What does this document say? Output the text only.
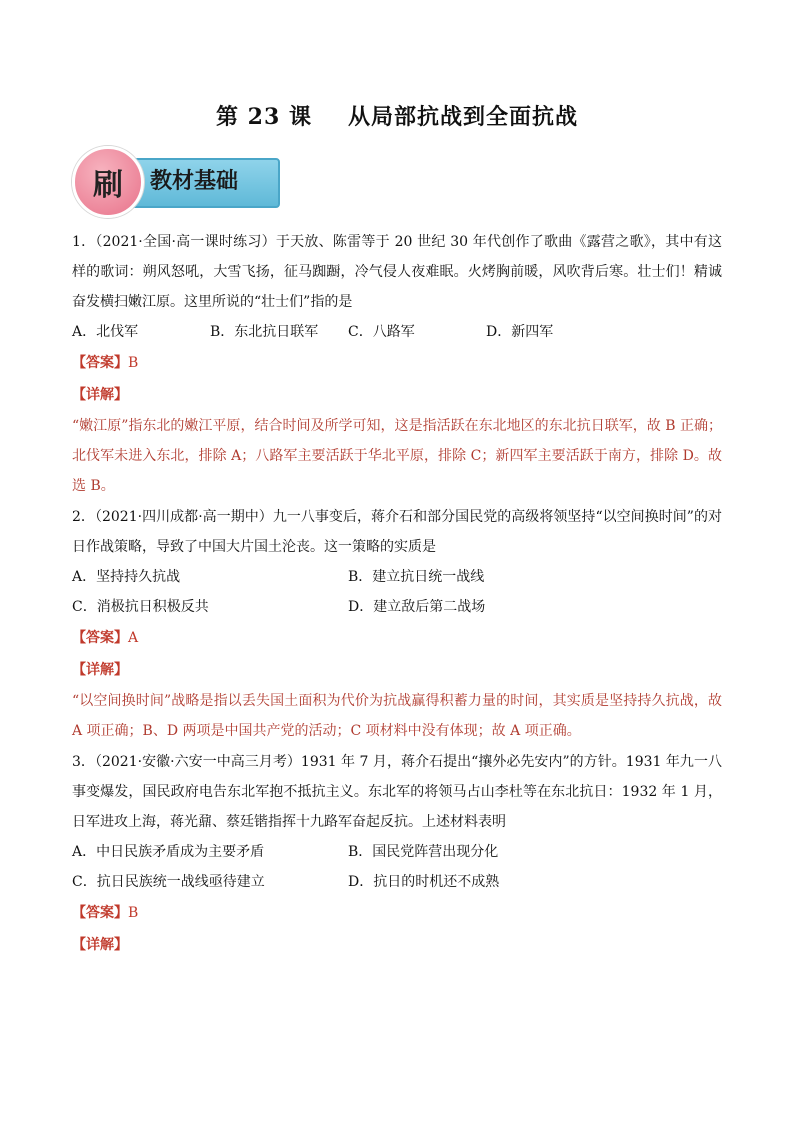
第 23 课 从局部抗战到全面抗战
刷	教材基础

1．（2021·全国·高一课时练习）于天放、陈雷等于 20 世纪 30 年代创作了歌曲《露营之歌》，其中有这样的歌词：朔风怒吼，大雪飞扬，征马踟蹰，冷气侵人夜难眠。火烤胸前暖，风吹背后寒。壮士们！精诚奋发横扫嫩江原。这里所说的“壮士们”指的是

A．北伐军	B．东北抗日联军	C．八路军	D．新四军
【答案】B
【详解】

“嫩江原”指东北的嫩江平原，结合时间及所学可知，这是指活跃在东北地区的东北抗日联军，故 B 正确；北伐军未进入东北，排除 A；八路军主要活跃于华北平原，排除 C；新四军主要活跃于南方，排除 D。故选 B。

2．（2021·四川成都·高一期中）九一八事变后，蒋介石和部分国民党的高级将领坚持“以空间换时间”的对日作战策略，导致了中国大片国土沦丧。这一策略的实质是

A．坚持持久抗战	B．建立抗日统一战线
C．消极抗日积极反共	D．建立敌后第二战场
【答案】A
【详解】

“以空间换时间”战略是指以丢失国土面积为代价为抗战赢得积蓄力量的时间，其实质是坚持持久抗战，故 A 项正确；B、D 两项是中国共产党的活动；C 项材料中没有体现；故 A 项正确。

3．（2021·安徽·六安一中高三月考）1931 年 7 月，蒋介石提出“攘外必先安内”的方针。1931 年九一八事变爆发，国民政府电告东北军抱不抵抗主义。东北军的将领马占山李杜等在东北抗日：1932 年 1 月，日军进攻上海，蒋光鼐、蔡廷锴指挥十九路军奋起反抗。上述材料表明

A．中日民族矛盾成为主要矛盾	B．国民党阵营出现分化
C．抗日民族统一战线亟待建立	D．抗日的时机还不成熟
【答案】B
【详解】
